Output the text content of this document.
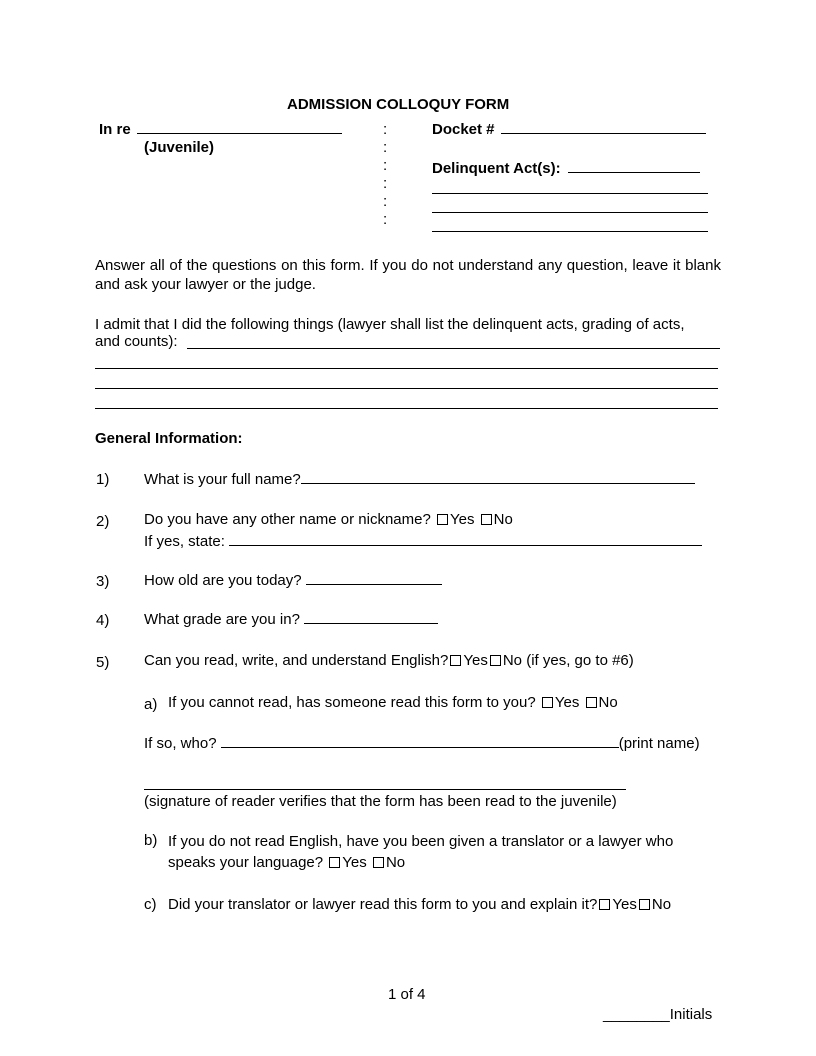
ADMISSION COLLOQUY FORM
In re
(Juvenile)
:
:
:
:
:
:
Docket #
Delinquent Act(s):
Answer all of the questions on this form. If you do not understand any question, leave it blank and ask your lawyer or the judge.
I admit that I did the following things (lawyer shall list the delinquent acts, grading of acts,
and counts):
General Information:
1) What is your full name?
2) Do you have any other name or nickname? Yes No
If yes, state:
3) How old are you today?
4) What grade are you in?
5) Can you read, write, and understand English? Yes No (if yes, go to #6)
a) If you cannot read, has someone read this form to you? Yes No
If so, who?	(print name)
(signature of reader verifies that the form has been read to the juvenile)
b) If you do not read English, have you been given a translator or a lawyer who
speaks your language? Yes No
c) Did your translator or lawyer read this form to you and explain it? Yes No
1 of 4
________Initials
